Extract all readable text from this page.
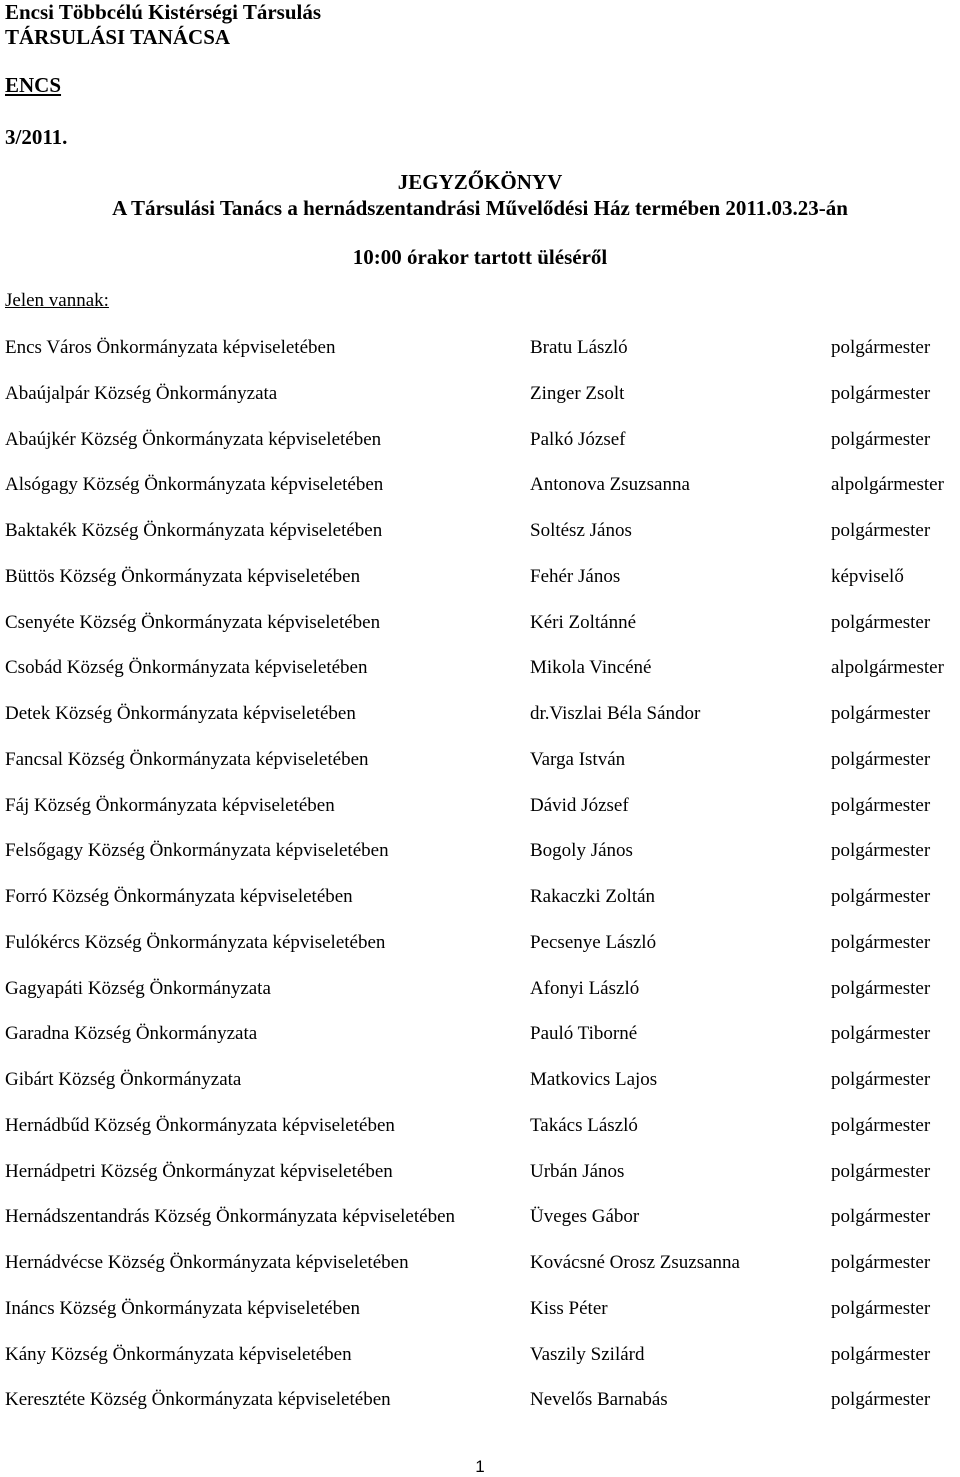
Encsi Többcélú Kistérségi Társulás
TÁRSULÁSI TANÁCSA
ENCS
3/2011.
JEGYZŐKÖNYV
A Társulási Tanács a hernádszentandrási Művelődési Ház termében 2011.03.23-án
10:00 órakor tartott üléséről
Jelen vannak:
Encs Város Önkormányzata képviseletében	Bratu László	polgármester
Abaújalpár Község Önkormányzata	Zinger Zsolt	polgármester
Abaújkér Község Önkormányzata képviseletében	Palkó József	polgármester
Alsógagy Község Önkormányzata képviseletében	Antonova Zsuzsanna	alpolgármester
Baktakék Község Önkormányzata képviseletében	Soltész János	polgármester
Büttös Község Önkormányzata képviseletében	Fehér János	képviselő
Csenyéte Község Önkormányzata képviseletében	Kéri Zoltánné	polgármester
Csobád Község Önkormányzata képviseletében	Mikola Vincéné	alpolgármester
Detek Község Önkormányzata képviseletében	dr.Viszlai Béla Sándor	polgármester
Fancsal Község Önkormányzata képviseletében	Varga István	polgármester
Fáj Község Önkormányzata képviseletében	Dávid József	polgármester
Felsőgagy Község Önkormányzata képviseletében	Bogoly János	polgármester
Forró Község Önkormányzata képviseletében	Rakaczki Zoltán	polgármester
Fulókércs Község Önkormányzata képviseletében	Pecsenye László	polgármester
Gagyapáti Község Önkormányzata	Afonyi László	polgármester
Garadna Község Önkormányzata	Pauló Tiborné	polgármester
Gibárt Község Önkormányzata	Matkovics Lajos	polgármester
Hernádbűd Község Önkormányzata képviseletében	Takács László	polgármester
Hernádpetri Község Önkormányzat képviseletében	Urbán János	polgármester
Hernádszentandrás Község Önkormányzata képviseletében	Üveges Gábor	polgármester
Hernádvécse Község Önkormányzata képviseletében	Kovácsné Orosz Zsuzsanna	polgármester
Ináncs Község Önkormányzata képviseletében	Kiss Péter	polgármester
Kány Község Önkormányzata képviseletében	Vaszily Szilárd	polgármester
Keresztéte Község Önkormányzata képviseletében	Nevelős Barnabás	polgármester
1
